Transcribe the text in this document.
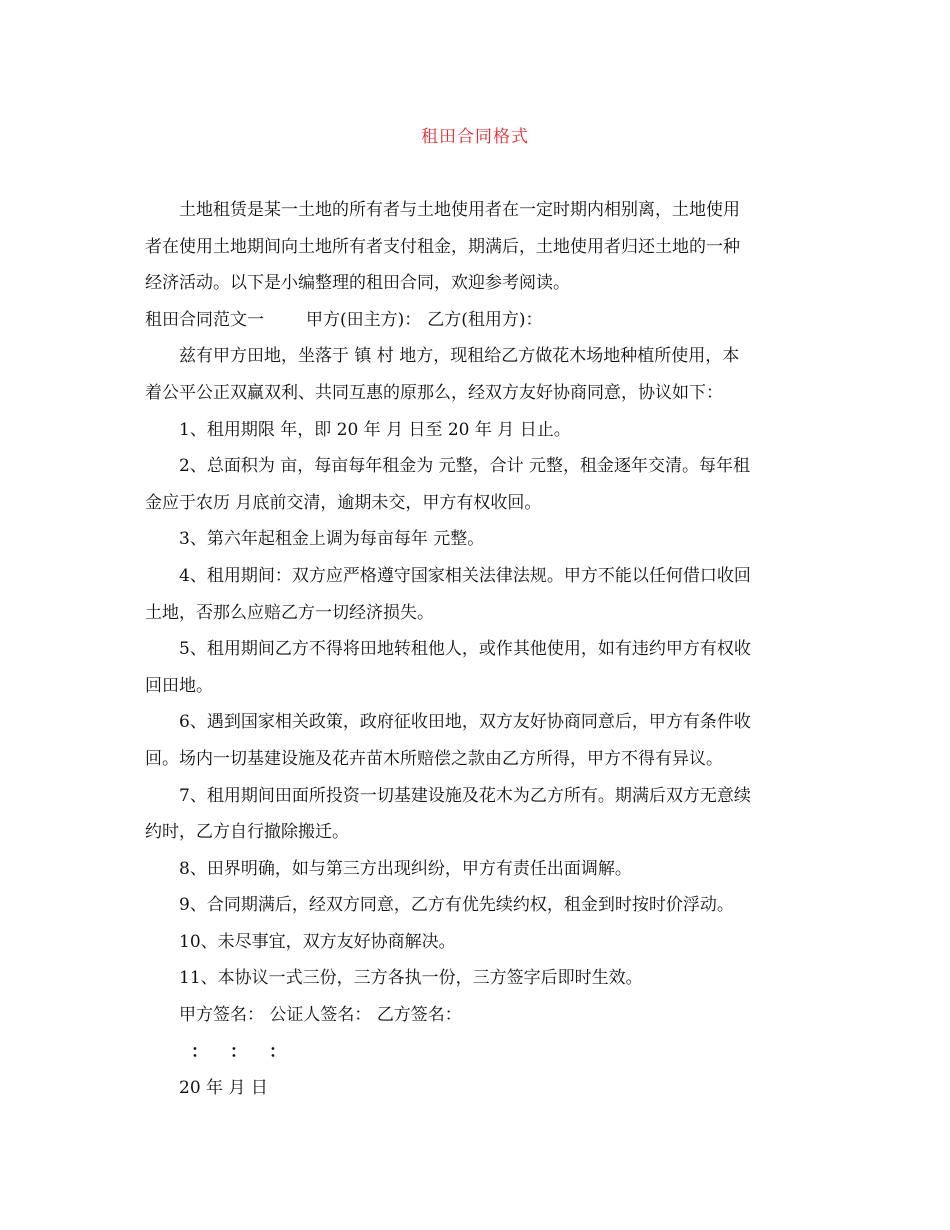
租田合同格式

土地租赁是某一土地的所有者与土地使用者在一定时期内相别离，土地使用
者在使用土地期间向土地所有者支付租金，期满后，土地使用者归还土地的一种
经济活动。以下是小编整理的租田合同，欢迎参考阅读。

租田合同范文一 甲方(田主方)： 乙方(租用方)：

兹有甲方田地，坐落于 镇 村 地方，现租给乙方做花木场地种植所使用，本
着公平公正双赢双利、共同互惠的原那么，经双方友好协商同意，协议如下：

1、租用期限 年，即 20 年 月 日至 20 年 月 日止。

2、总面积为 亩，每亩每年租金为 元整，合计 元整，租金逐年交清。每年租
金应于农历 月底前交清，逾期未交，甲方有权收回。

3、第六年起租金上调为每亩每年 元整。

4、租用期间：双方应严格遵守国家相关法律法规。甲方不能以任何借口收回
土地，否那么应赔乙方一切经济损失。

5、租用期间乙方不得将田地转租他人，或作其他使用，如有违约甲方有权收
回田地。

6、遇到国家相关政策，政府征收田地，双方友好协商同意后，甲方有条件收
回。场内一切基建设施及花卉苗木所赔偿之款由乙方所得，甲方不得有异议。

7、租用期间田面所投资一切基建设施及花木为乙方所有。期满后双方无意续
约时，乙方自行撤除搬迁。

8、田界明确，如与第三方出现纠纷，甲方有责任出面调解。

9、合同期满后，经双方同意，乙方有优先续约权，租金到时按时价浮动。

10、未尽事宜，双方友好协商解决。

11、本协议一式三份，三方各执一份，三方签字后即时生效。

甲方签名： 公证人签名： 乙方签名：

： ： ：

20 年 月 日
